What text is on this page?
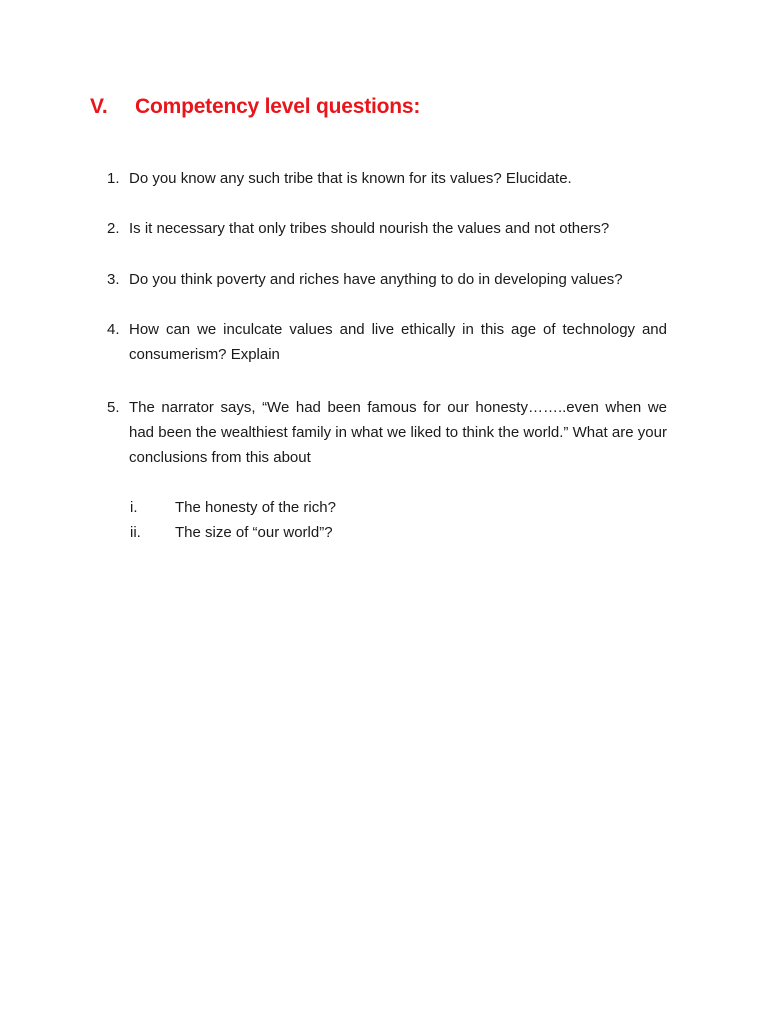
V.	Competency level questions:
1. Do you know any such tribe that is known for its values? Elucidate.
2. Is it necessary that only tribes should nourish the values and not others?
3. Do you think poverty and riches have anything to do in developing values?
4. How can we inculcate values and live ethically in this age of technology and consumerism? Explain
5. The narrator says, “We had been famous for our honesty……..even when we had been the wealthiest family in what we liked to think the world.” What are your conclusions from this about
i.	The honesty of the rich?
ii.	The size of “our world”?
